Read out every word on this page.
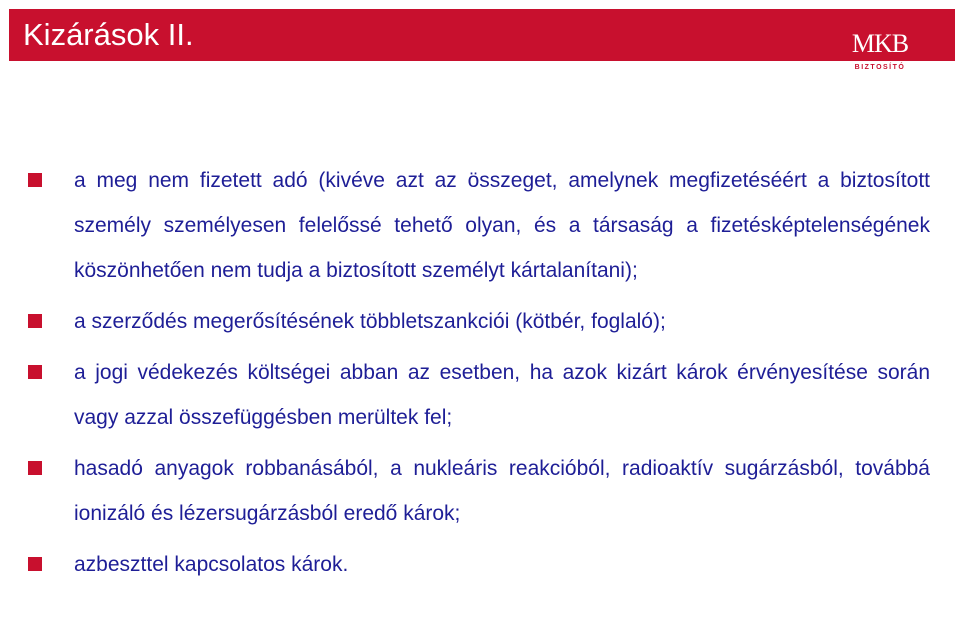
Kizárások II.	MKB
BIZTOSÍTÓ
a meg nem fizetett adó (kivéve azt az összeget, amelynek megfizetéséért a biztosított személy személyesen felelőssé tehető olyan, és a társaság a fizetésképtelenségének köszönhetően nem tudja a biztosított személyt kártalanítani);
a szerződés megerősítésének többletszankciói (kötbér, foglaló);
a jogi védekezés költségei abban az esetben, ha azok kizárt károk érvényesítése során vagy azzal összefüggésben merültek fel;
hasadó anyagok robbanásából, a nukleáris reakcióból, radioaktív sugárzásból, továbbá ionizáló és lézersugárzásból eredő károk;
azbeszttel kapcsolatos károk.
